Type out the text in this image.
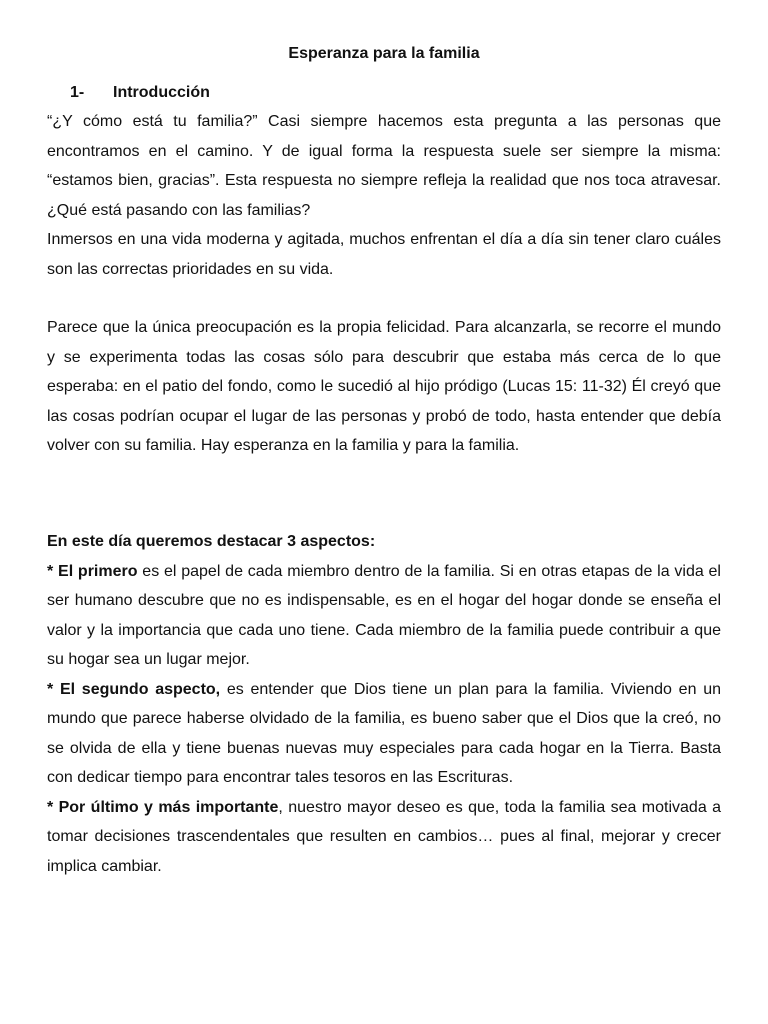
Esperanza para la familia
1- Introducción

“¿Y cómo está tu familia?” Casi siempre hacemos esta pregunta a las personas que encontramos en el camino. Y de igual forma la respuesta suele ser siempre la misma: “estamos bien, gracias”. Esta respuesta no siempre refleja la realidad que nos toca atravesar. ¿Qué está pasando con las familias?

Inmersos en una vida moderna y agitada, muchos enfrentan el día a día sin tener claro cuáles son las correctas prioridades en su vida.

Parece que la única preocupación es la propia felicidad. Para alcanzarla, se recorre el mundo y se experimenta todas las cosas sólo para descubrir que estaba más cerca de lo que esperaba: en el patio del fondo, como le sucedió al hijo pródigo (Lucas 15: 11-32) Él creyó que las cosas podrían ocupar el lugar de las personas y probó de todo, hasta entender que debía volver con su familia. Hay esperanza en la familia y para la familia.

En este día queremos destacar 3 aspectos:

* El primero es el papel de cada miembro dentro de la familia. Si en otras etapas de la vida el ser humano descubre que no es indispensable, es en el hogar del hogar donde se enseña el valor y la importancia que cada uno tiene. Cada miembro de la familia puede contribuir a que su hogar sea un lugar mejor.

* El segundo aspecto, es entender que Dios tiene un plan para la familia. Viviendo en un mundo que parece haberse olvidado de la familia, es bueno saber que el Dios que la creó, no se olvida de ella y tiene buenas nuevas muy especiales para cada hogar en la Tierra. Basta con dedicar tiempo para encontrar tales tesoros en las Escrituras.

* Por último y más importante, nuestro mayor deseo es que, toda la familia sea motivada a tomar decisiones trascendentales que resulten en cambios… pues al final, mejorar y crecer implica cambiar.
